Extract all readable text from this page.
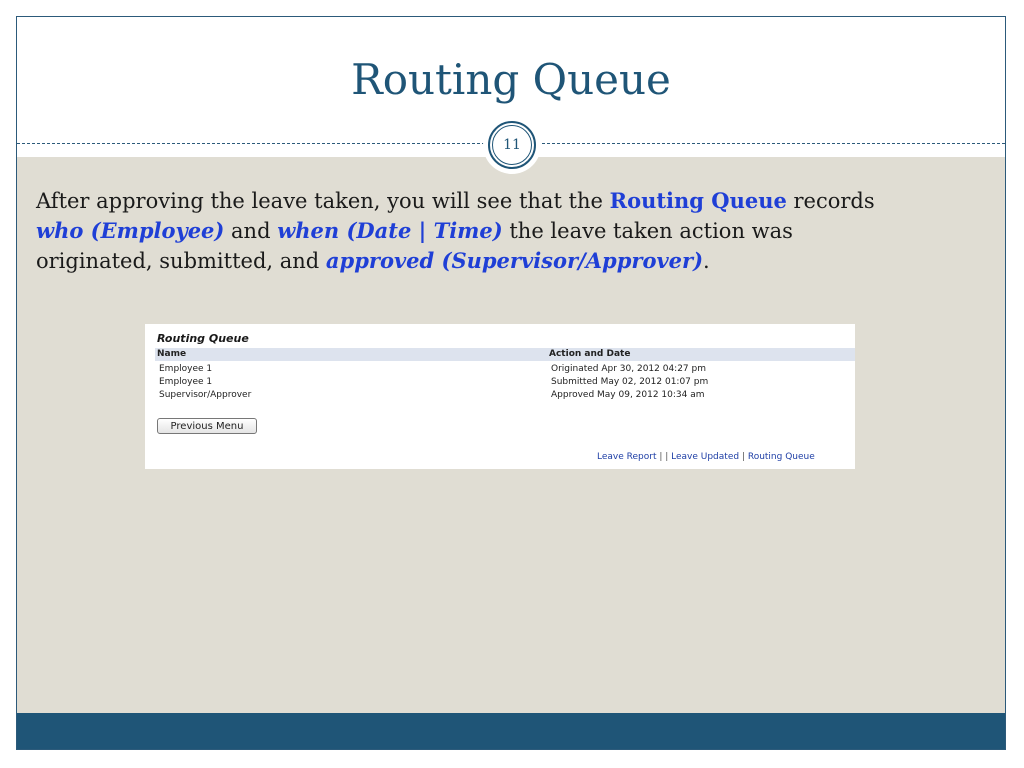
Routing Queue
11
After approving the leave taken, you will see that the Routing Queue records
who (Employee) and when (Date | Time) the leave taken action was
originated, submitted, and approved (Supervisor/Approver).
Routing Queue
Name	Action and Date
Employee 1	Originated Apr 30, 2012 04:27 pm
Employee 1	Submitted May 02, 2012 01:07 pm
Supervisor/Approver	Approved May 09, 2012 10:34 am
Previous Menu
Leave Report | | Leave Updated | Routing Queue
